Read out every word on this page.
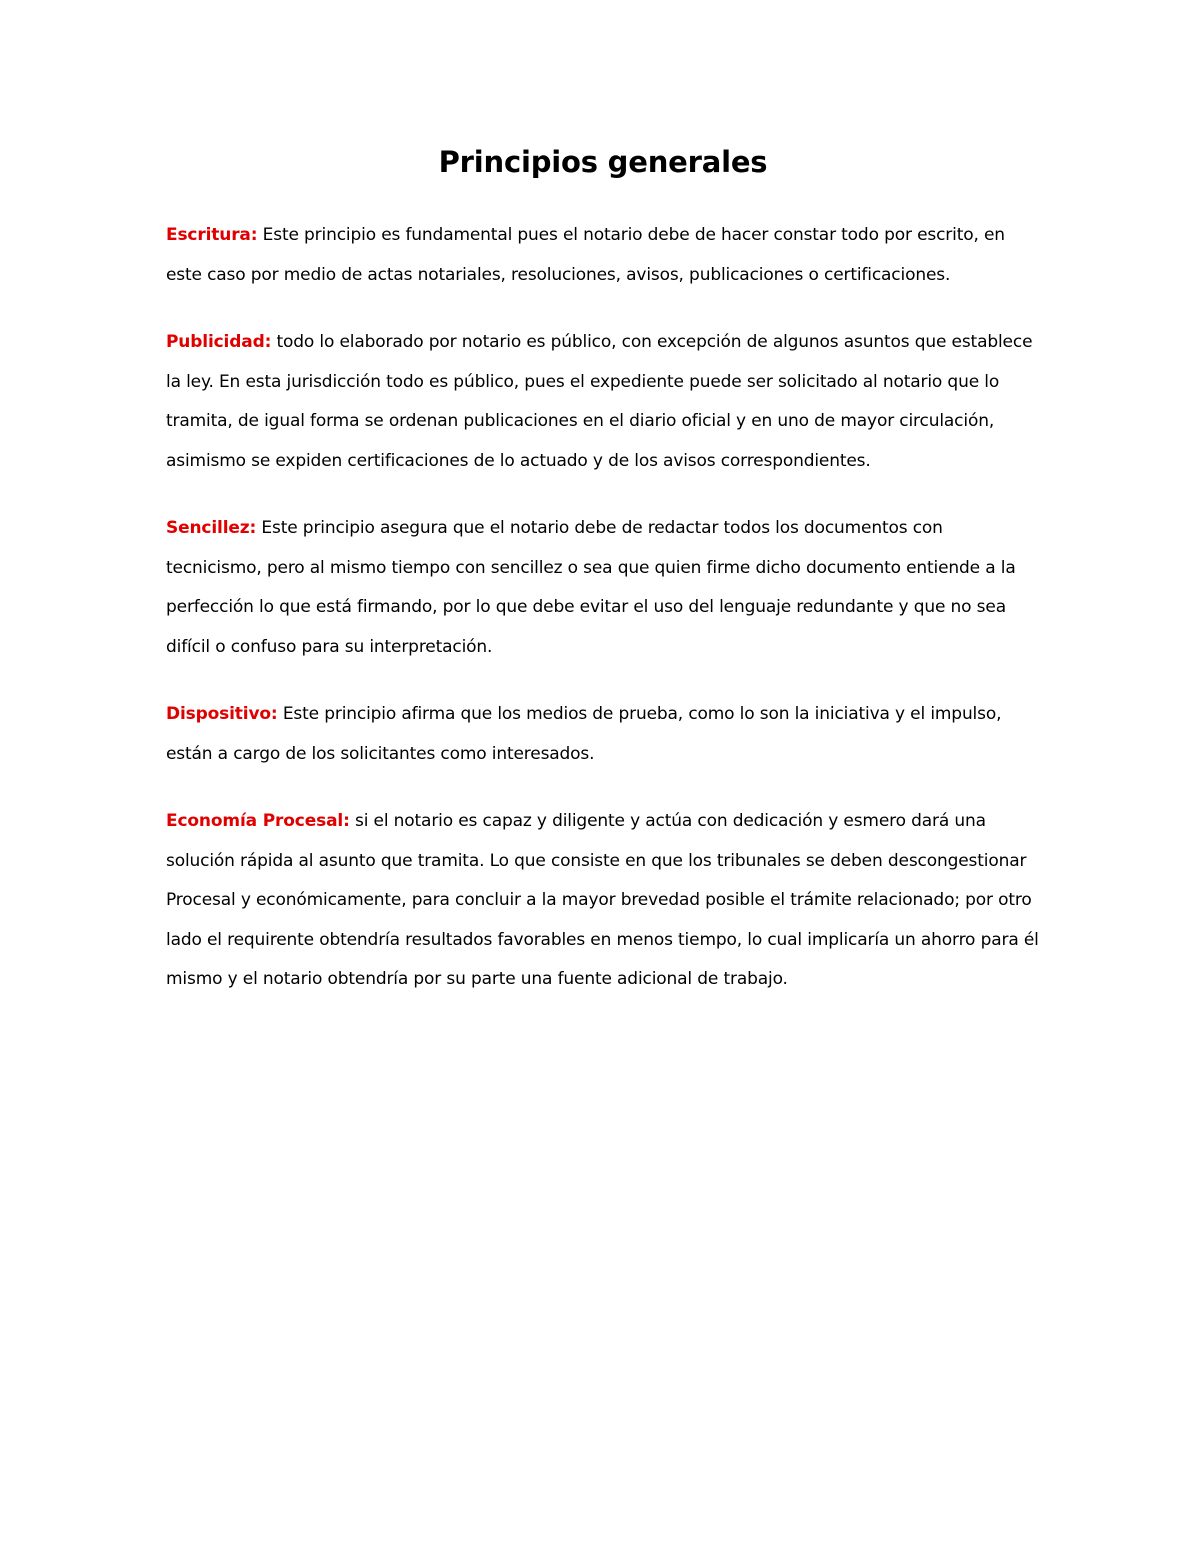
Principios generales

Escritura: Este principio es fundamental pues el notario debe de hacer constar todo por escrito, en este caso por medio de actas notariales, resoluciones, avisos, publicaciones o certificaciones.

Publicidad: todo lo elaborado por notario es público, con excepción de algunos asuntos que establece la ley. En esta jurisdicción todo es público, pues el expediente puede ser solicitado al notario que lo tramita, de igual forma se ordenan publicaciones en el diario oficial y en uno de mayor circulación, asimismo se expiden certificaciones de lo actuado y de los avisos correspondientes.

Sencillez: Este principio asegura que el notario debe de redactar todos los documentos con tecnicismo, pero al mismo tiempo con sencillez o sea que quien firme dicho documento entiende a la perfección lo que está firmando, por lo que debe evitar el uso del lenguaje redundante y que no sea difícil o confuso para su interpretación.

Dispositivo: Este principio afirma que los medios de prueba, como lo son la iniciativa y el impulso, están a cargo de los solicitantes como interesados.

Economía Procesal: si el notario es capaz y diligente y actúa con dedicación y esmero dará una solución rápida al asunto que tramita. Lo que consiste en que los tribunales se deben descongestionar Procesal y económicamente, para concluir a la mayor brevedad posible el trámite relacionado; por otro lado el requirente obtendría resultados favorables en menos tiempo, lo cual implicaría un ahorro para él mismo y el notario obtendría por su parte una fuente adicional de trabajo.
